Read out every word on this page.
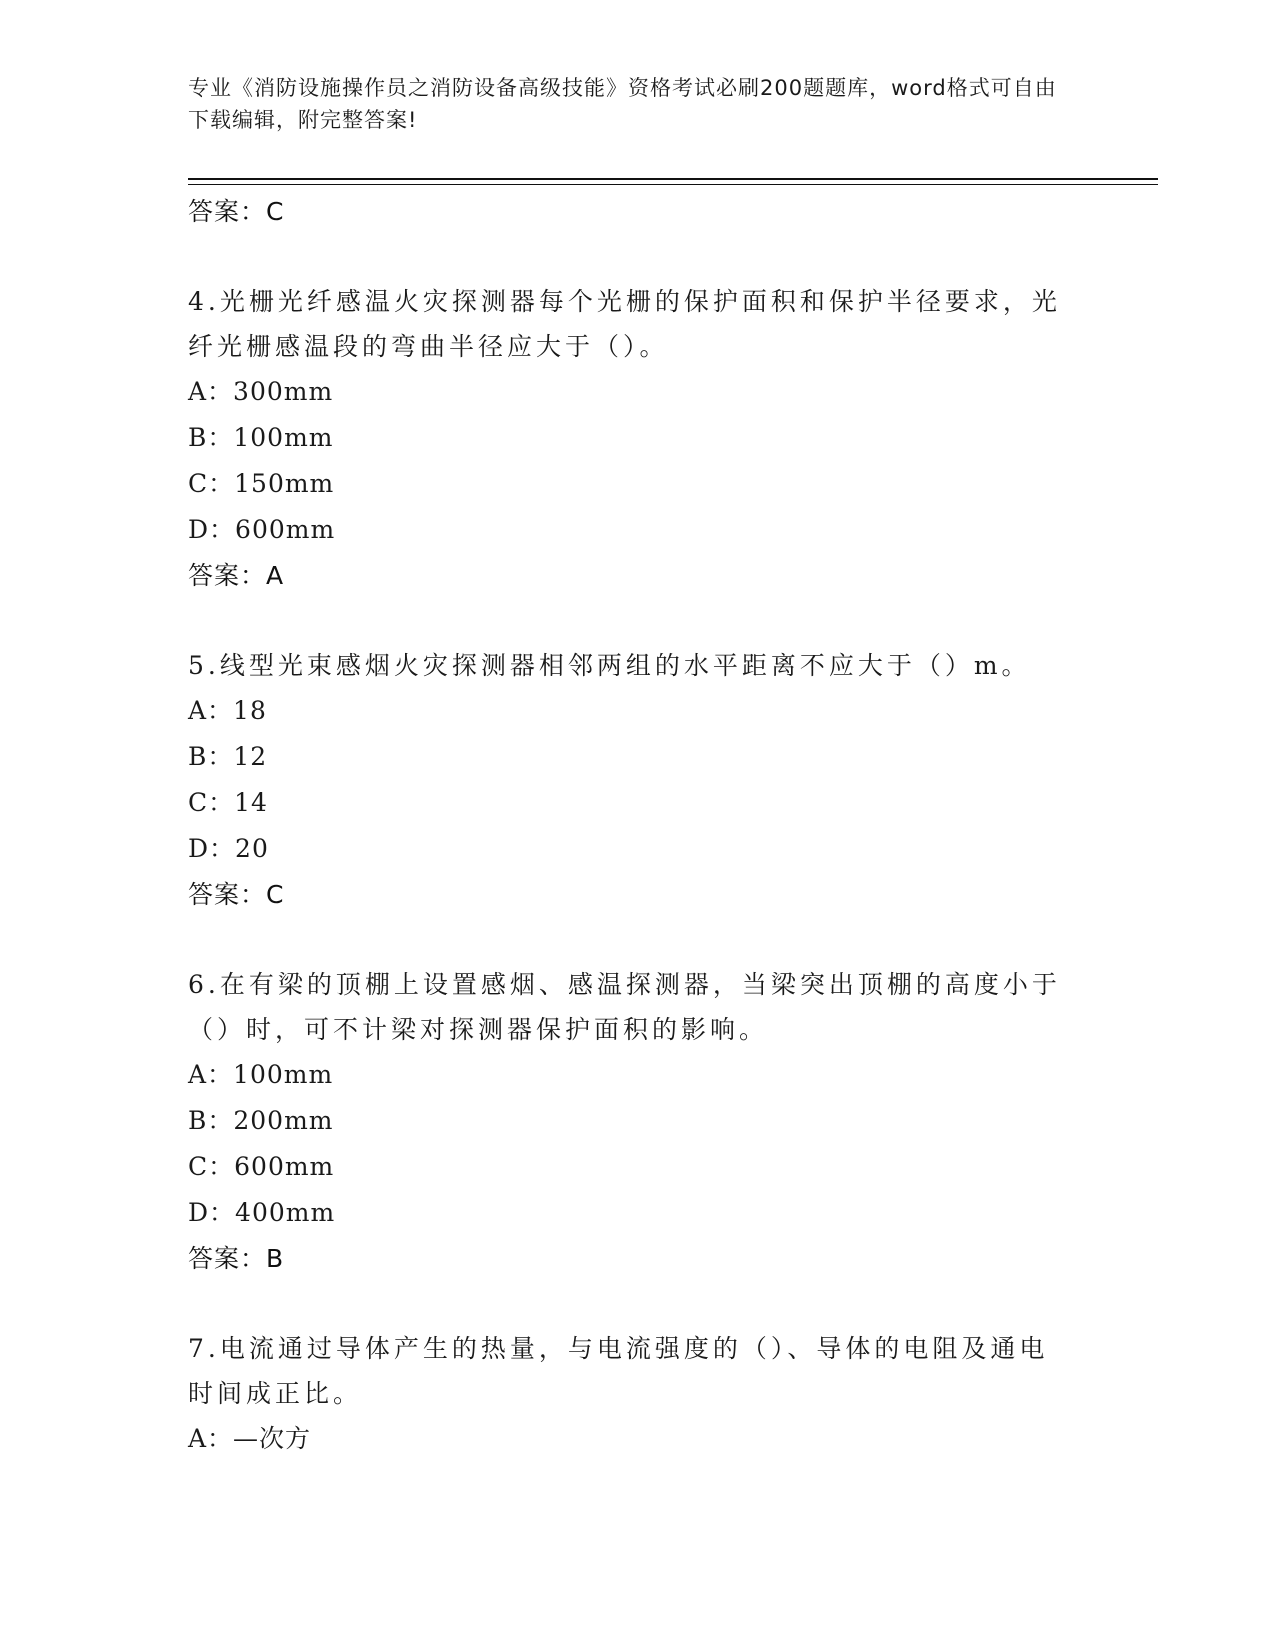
专业《消防设施操作员之消防设备高级技能》资格考试必刷200题题库，word格式可自由下载编辑，附完整答案!
答案：C
4.光栅光纤感温火灾探测器每个光栅的保护面积和保护半径要求，光纤光栅感温段的弯曲半径应大于（）。
A：300mm
B：100mm
C：150mm
D：600mm
答案：A
5.线型光束感烟火灾探测器相邻两组的水平距离不应大于（）m。
A：18
B：12
C：14
D：20
答案：C
6.在有梁的顶棚上设置感烟、感温探测器，当梁突出顶棚的高度小于（）时，可不计梁对探测器保护面积的影响。
A：100mm
B：200mm
C：600mm
D：400mm
答案：B
7.电流通过导体产生的热量，与电流强度的（）、导体的电阻及通电时间成正比。
A：—次方
